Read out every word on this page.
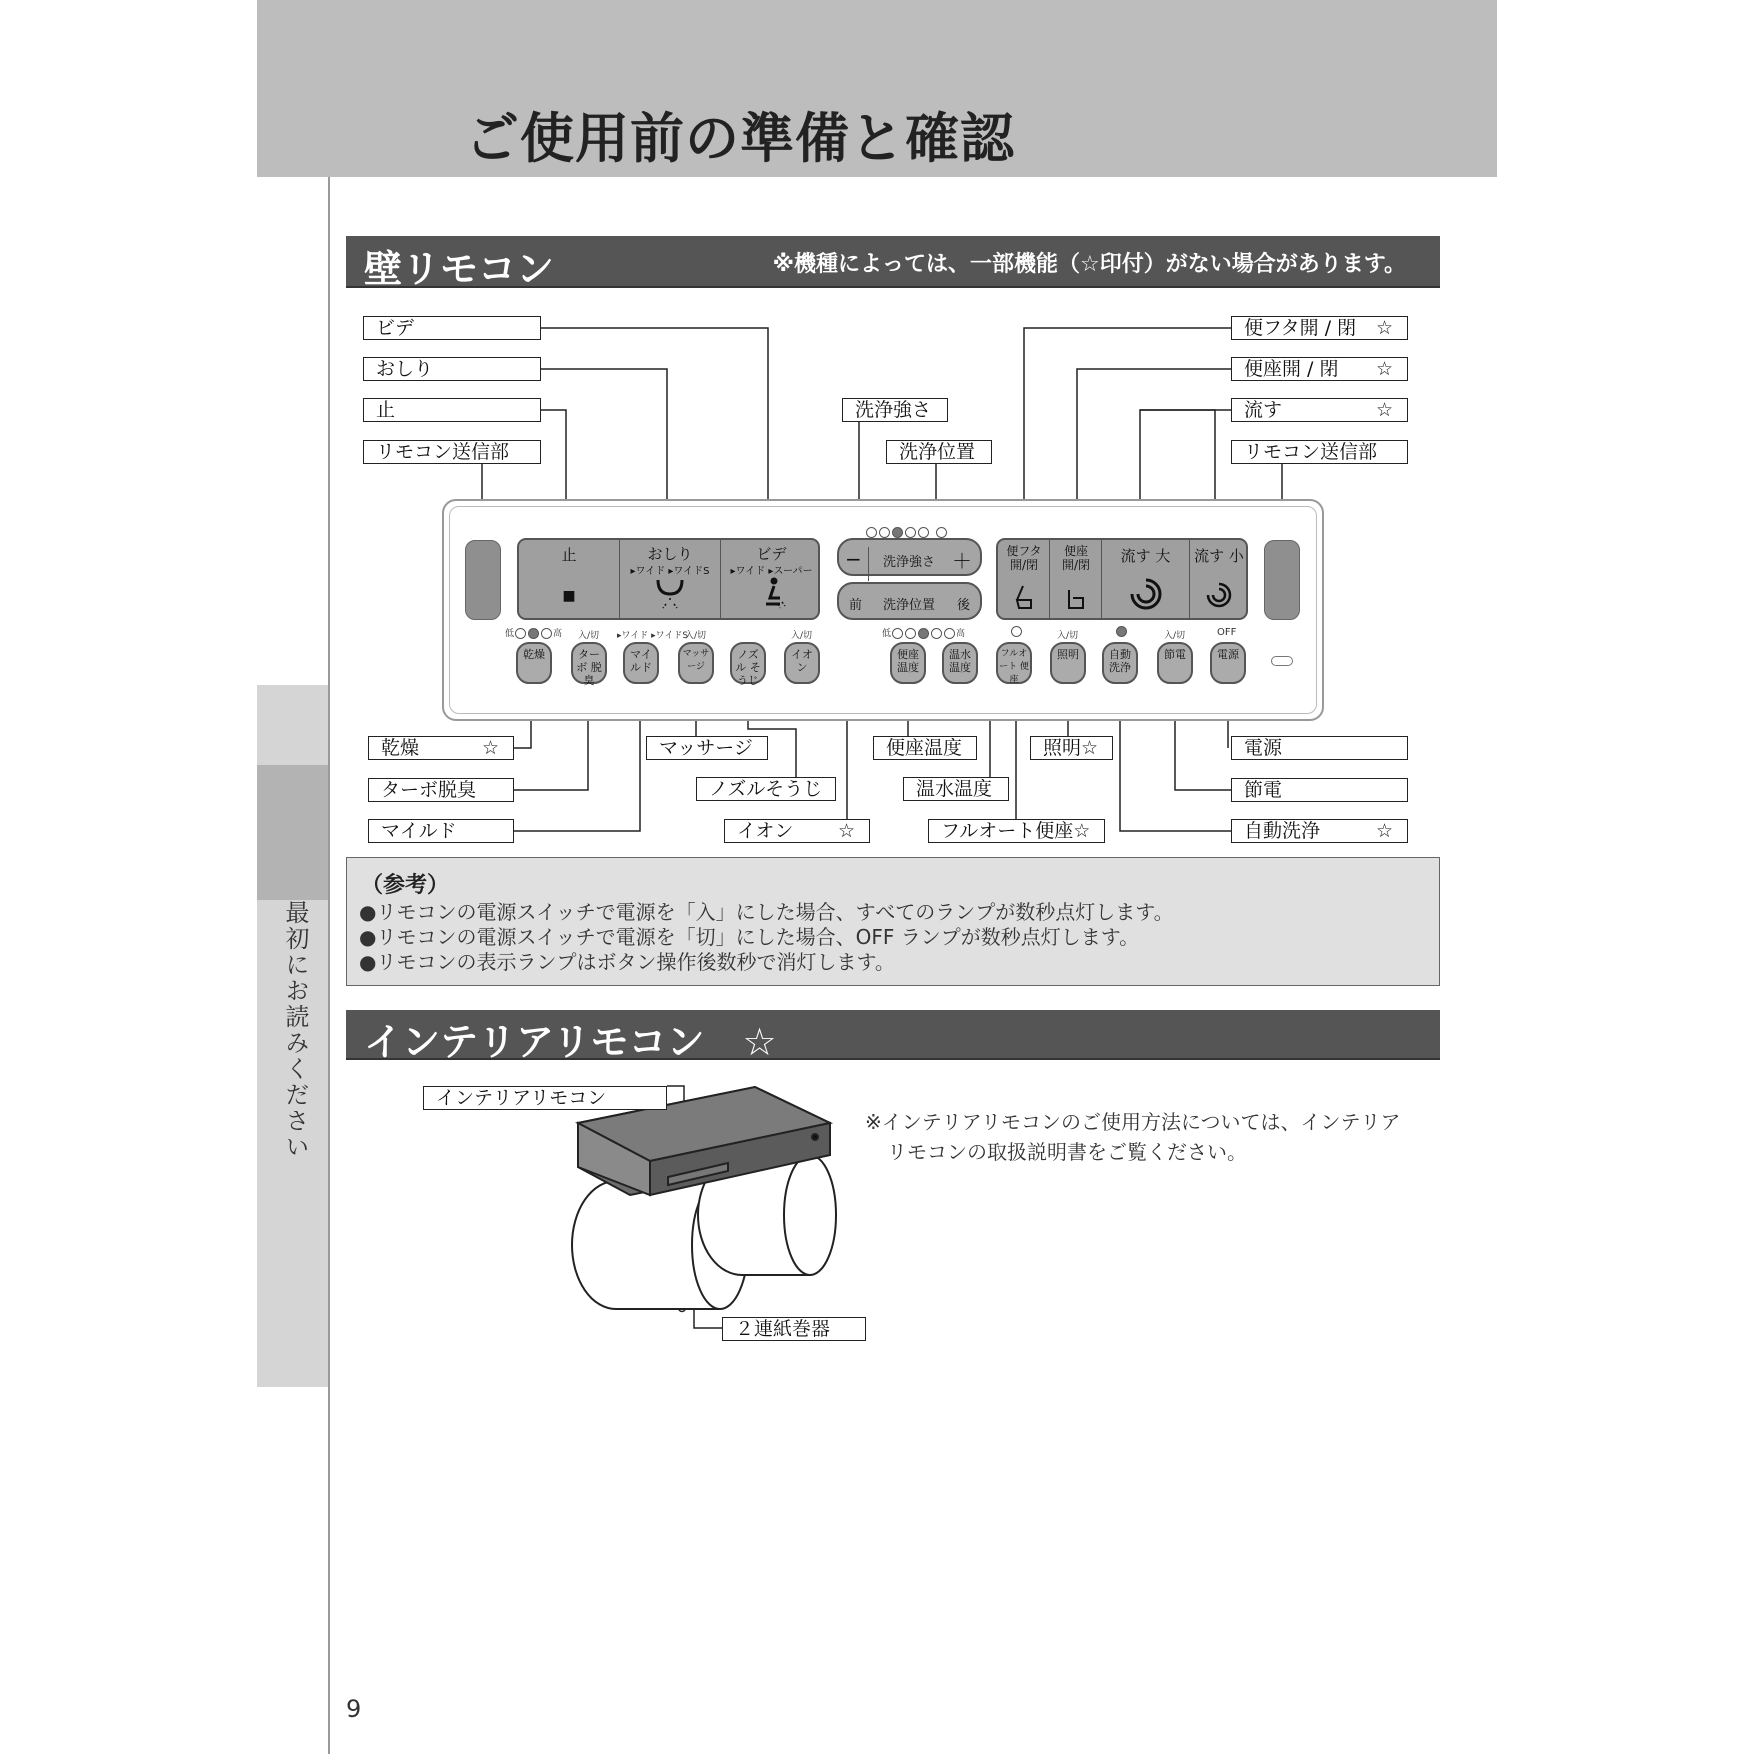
ご使用前の準備と確認
最初にお読みください
壁リモコン	※機種によっては、一部機能（☆印付）がない場合があります。
ビデ
おしり
止
リモコン送信部
洗浄強さ
洗浄位置
便フタ開 / 閉 ☆
便座開 / 閉 ☆
流す	☆
リモコン送信部
止
■
おしり
▸ワイド ▸ワイドS
ビデ
▸ワイド ▸スーパー
−	洗浄強さ ＋
前 洗浄位置 後
便フタ 開/閉
便座 開/閉	流す 大	流す 小
低	高 入/切 ▸ワイド ▸ワイドS
入/切	入/切	低	高	入/切	入/切	OFF
乾燥	ターボ 脱臭
マイルド
マッサージ
ノズル そうじ
イオン
便座 温度
温水 温度
フルオート 便座
照明	自動 洗浄
節電	電源
乾燥	☆
ターボ脱臭
マイルド
マッサージ
ノズルそうじ
イオン ☆
便座温度
温水温度
フルオート便座☆
照明☆	電源
節電
自動洗浄	☆
（参考）
●リモコンの電源スイッチで電源を「入」にした場合、すべてのランプが数秒点灯します。
●リモコンの電源スイッチで電源を「切」にした場合、OFF ランプが数秒点灯します。
●リモコンの表示ランプはボタン操作後数秒で消灯します。
インテリアリモコン　☆
インテリアリモコン
２連紙巻器
※インテリアリモコンのご使用方法については、インテリア
リモコンの取扱説明書をご覧ください。
9
